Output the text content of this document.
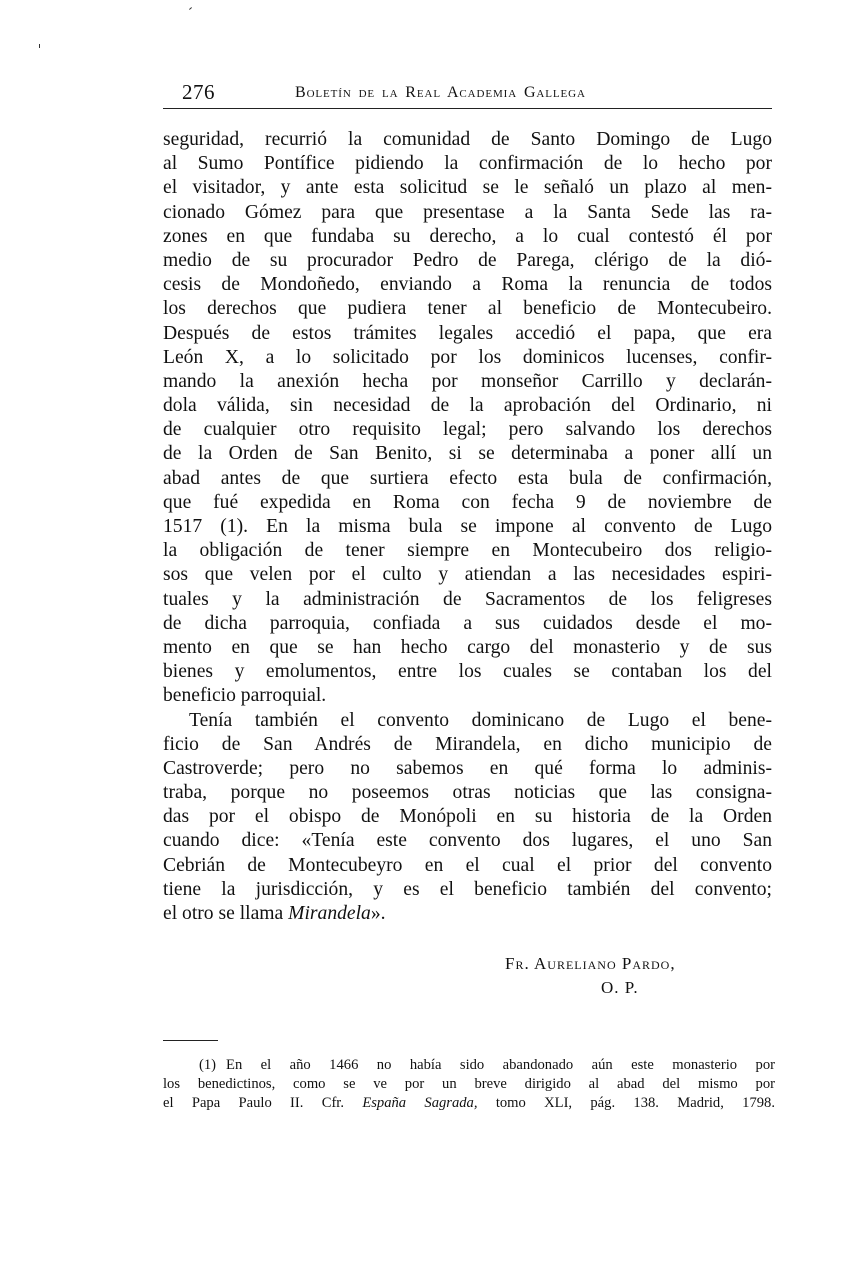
276	Boletín de la Real Academia Gallega
seguridad, recurrió la comunidad de Santo Domingo de Lugo
al Sumo Pontífice pidiendo la confirmación de lo hecho por
el visitador, y ante esta solicitud se le señaló un plazo al men-
cionado Gómez para que presentase a la Santa Sede las ra-
zones en que fundaba su derecho, a lo cual contestó él por
medio de su procurador Pedro de Parega, clérigo de la dió-
cesis de Mondoñedo, enviando a Roma la renuncia de todos
los derechos que pudiera tener al beneficio de Montecubeiro.
Después de estos trámites legales accedió el papa, que era
León X, a lo solicitado por los dominicos lucenses, confir-
mando la anexión hecha por monseñor Carrillo y declarán-
dola válida, sin necesidad de la aprobación del Ordinario, ni
de cualquier otro requisito legal; pero salvando los derechos
de la Orden de San Benito, si se determinaba a poner allí un
abad antes de que surtiera efecto esta bula de confirmación,
que fué expedida en Roma con fecha 9 de noviembre de
1517 (1). En la misma bula se impone al convento de Lugo
la obligación de tener siempre en Montecubeiro dos religio-
sos que velen por el culto y atiendan a las necesidades espiri-
tuales y la administración de Sacramentos de los feligreses
de dicha parroquia, confiada a sus cuidados desde el mo-
mento en que se han hecho cargo del monasterio y de sus
bienes y emolumentos, entre los cuales se contaban los del
beneficio parroquial.
Tenía también el convento dominicano de Lugo el bene-
ficio de San Andrés de Mirandela, en dicho municipio de
Castroverde; pero no sabemos en qué forma lo adminis-
traba, porque no poseemos otras noticias que las consigna-
das por el obispo de Monópoli en su historia de la Orden
cuando dice: «Tenía este convento dos lugares, el uno San
Cebrián de Montecubeyro en el cual el prior del convento
tiene la jurisdicción, y es el beneficio también del convento;
el otro se llama Mirandela».
Fr. Aureliano Pardo,
O. P.
(1) En el año 1466 no había sido abandonado aún este monasterio por
los benedictinos, como se ve por un breve dirigido al abad del mismo por
el Papa Paulo II. Cfr. España Sagrada, tomo XLI, pág. 138. Madrid, 1798.
